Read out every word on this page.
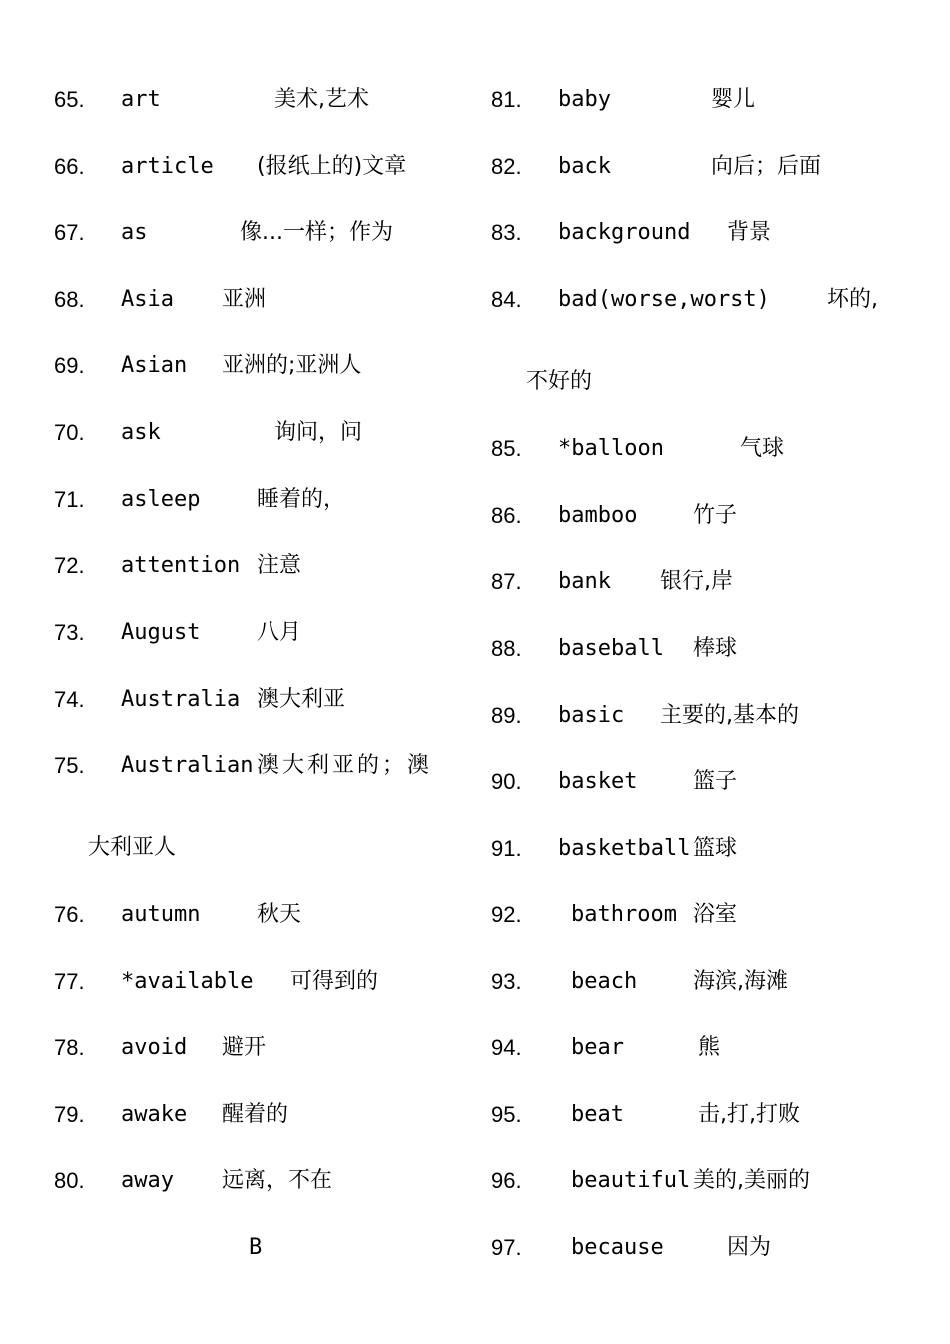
65. art	美术,艺术
66. article (报纸上的)文章
67. as	像...一样；作为
68. Asia 亚洲
69. Asian 亚洲的;亚洲人
70. ask	询问，问
71. asleep	睡着的，
72. attention 注意
73. August	八月
74. Australia 澳大利亚
75. Australian 澳大利亚的；澳
大利亚人
76. autumn	秋天
77. *available 可得到的
78. avoid 避开
79. awake 醒着的
80. away 远离，不在
B
81. baby	婴儿
82. back	向后；后面
83. background 背景
84. bad(worse,worst)	坏的,
不好的
85. *balloon	气球
86. bamboo	竹子
87. bank 银行,岸
88. baseball 棒球
89. basic 主要的,基本的
90. basket	篮子
91. basketball 篮球
92. bathroom 浴室
93. beach	海滨,海滩
94. bear	熊
95. beat	击,打,打败
96. beautiful 美的,美丽的
97. because	因为
